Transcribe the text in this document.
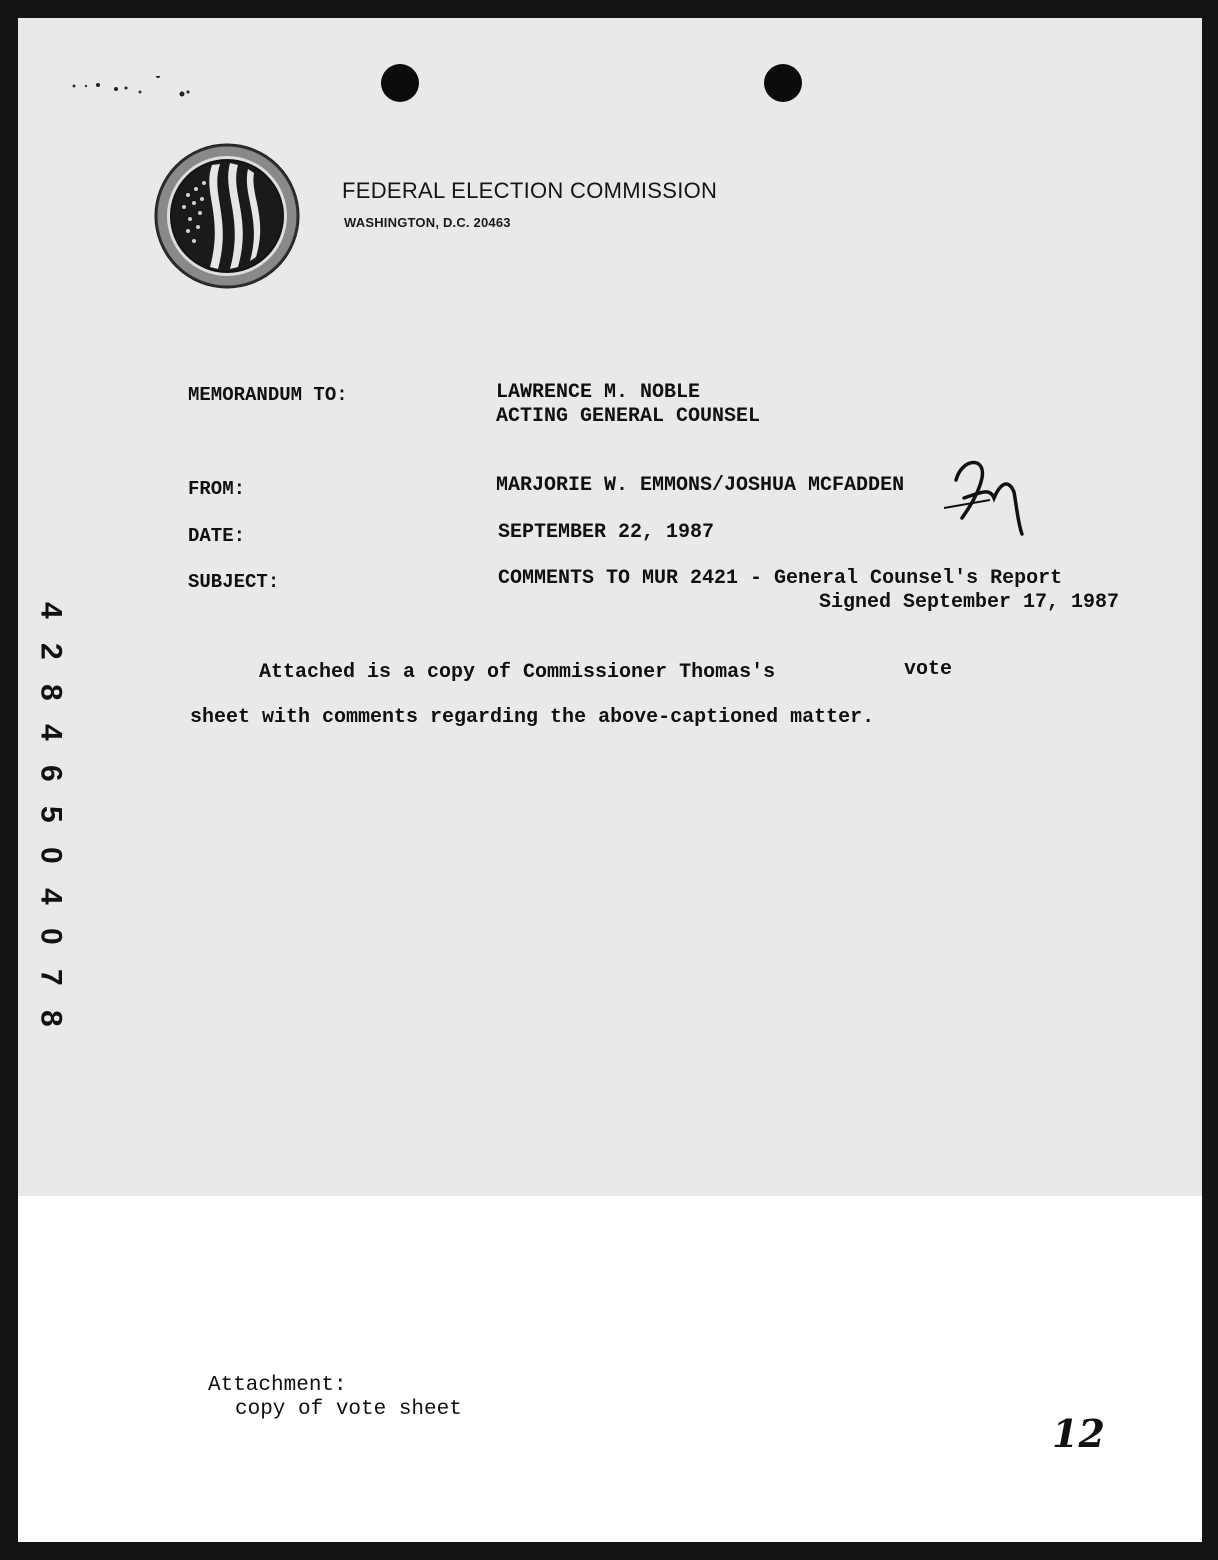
FEDERAL ELECTION COMMISSION
WASHINGTON, D.C. 20463
MEMORANDUM TO:	LAWRENCE M. NOBLE
ACTING GENERAL COUNSEL
FROM:	MARJORIE W. EMMONS/JOSHUA MCFADDEN
DATE:	SEPTEMBER 22, 1987
SUBJECT:	COMMENTS TO MUR 2421 - General Counsel's Report
Signed September 17, 1987
Attached is a copy of Commissioner Thomas's	vote
sheet with comments regarding the above-captioned matter.
4
2
8
4
6
5
0
4
0
7
8
Attachment:
copy of vote sheet
12
